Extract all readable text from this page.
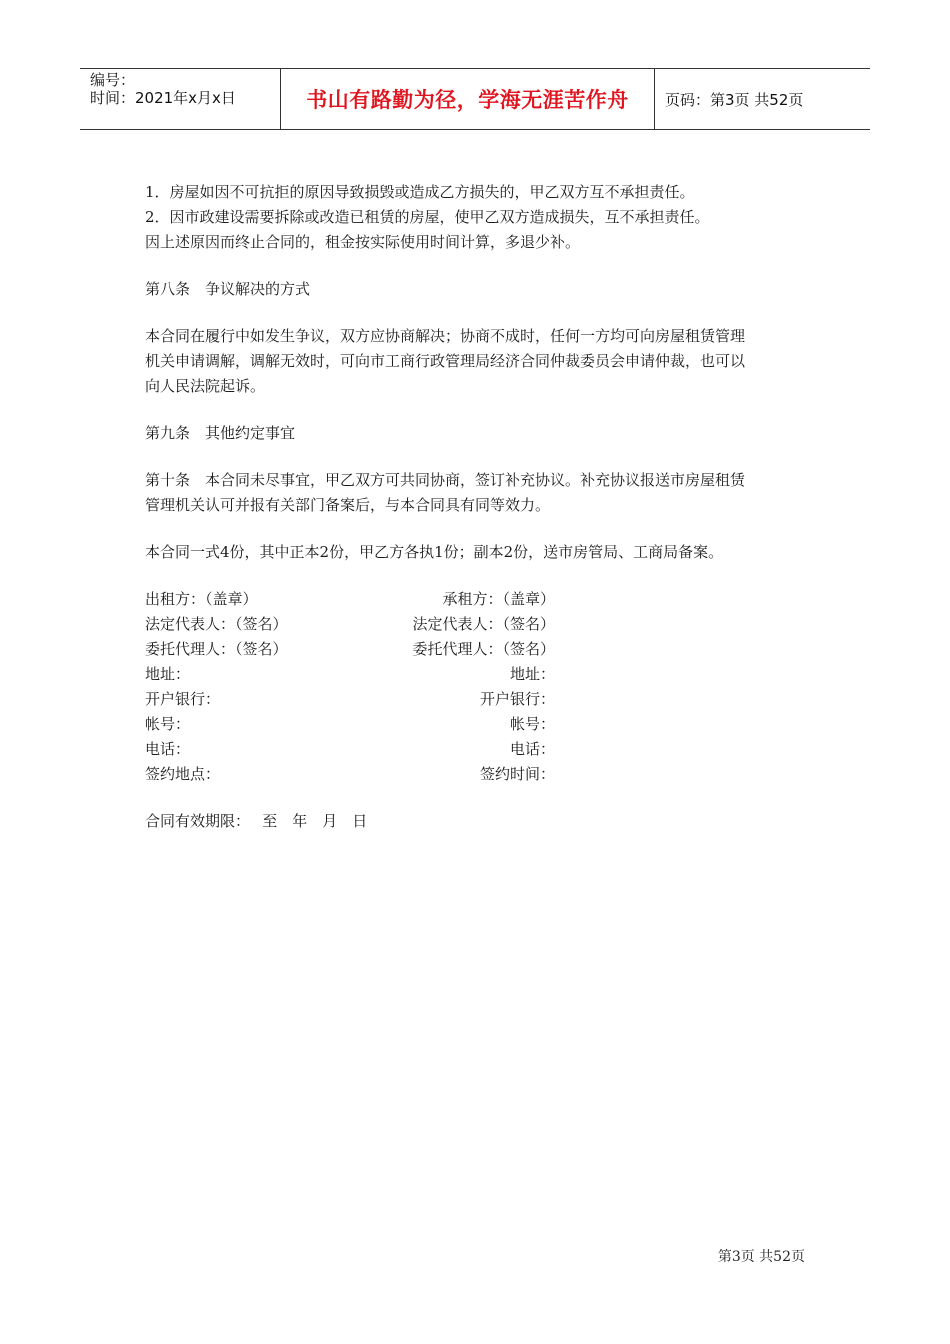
编号：
时间：2021年x月x日	书山有路勤为径，学海无涯苦作舟	页码：第3页 共52页

1．房屋如因不可抗拒的原因导致损毁或造成乙方损失的，甲乙双方互不承担责任。

2．因市政建设需要拆除或改造已租赁的房屋，使甲乙双方造成损失，互不承担责任。

因上述原因而终止合同的，租金按实际使用时间计算，多退少补。

第八条　争议解决的方式

本合同在履行中如发生争议，双方应协商解决；协商不成时，任何一方均可向房屋租赁管理

机关申请调解，调解无效时，可向市工商行政管理局经济合同仲裁委员会申请仲裁，也可以

向人民法院起诉。

第九条　其他约定事宜

第十条　本合同未尽事宜，甲乙双方可共同协商，签订补充协议。补充协议报送市房屋租赁

管理机关认可并报有关部门备案后，与本合同具有同等效力。

本合同一式4份，其中正本2份，甲乙方各执1份；副本2份，送市房管局、工商局备案。

出租方：（盖章）	承租方：（盖章）
法定代表人：（签名）	法定代表人：（签名）
委托代理人：（签名）	委托代理人：（签名）
地址：	地址：
开户银行：	开户银行：
帐号：	帐号：
电话：	电话：
签约地点：	签约时间：

合同有效期限：　 至　年　月　日

第3页 共52页
